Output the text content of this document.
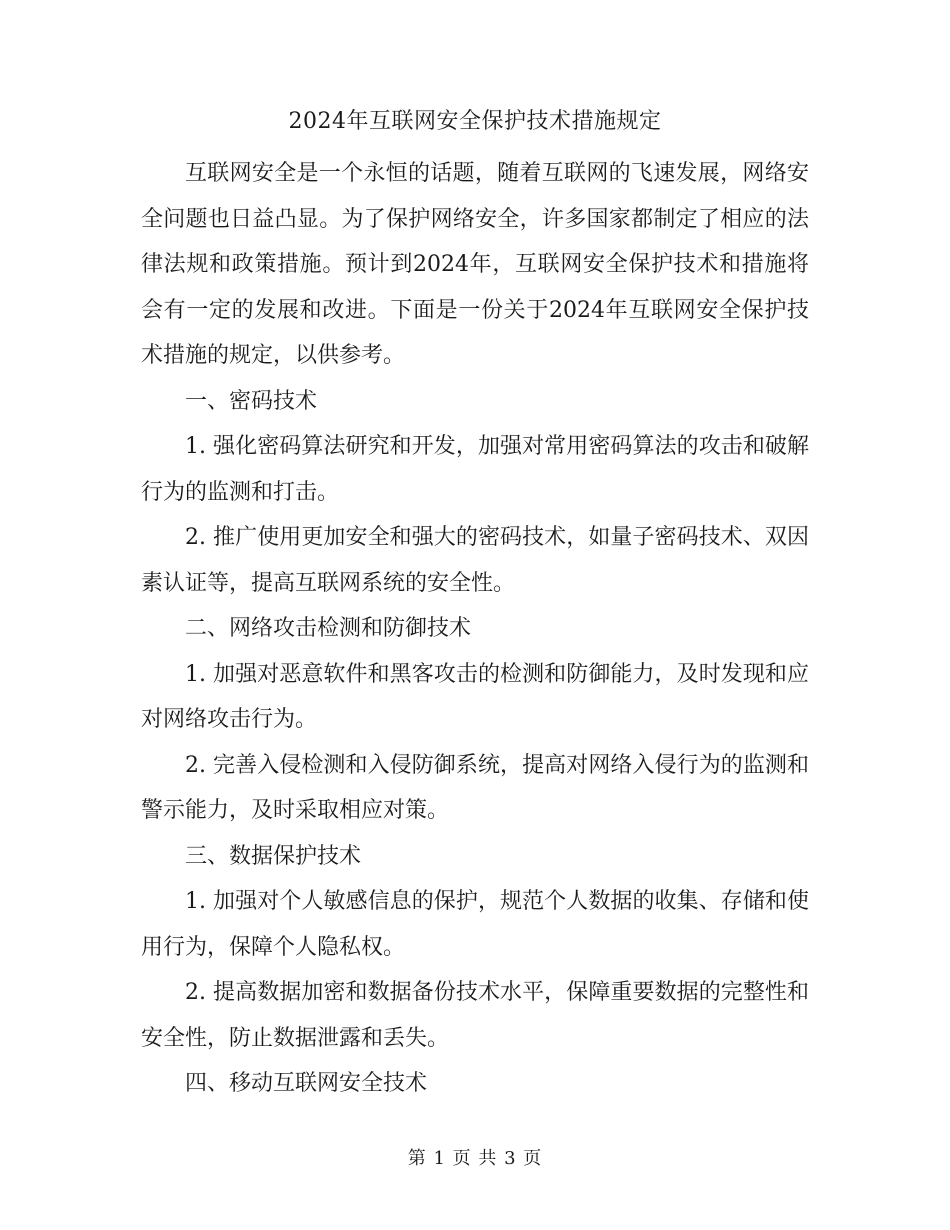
2024年互联网安全保护技术措施规定

互联网安全是一个永恒的话题，随着互联网的飞速发展，网络安全问题也日益凸显。为了保护网络安全，许多国家都制定了相应的法律法规和政策措施。预计到2024年，互联网安全保护技术和措施将会有一定的发展和改进。下面是一份关于2024年互联网安全保护技术措施的规定，以供参考。

一、密码技术

1. 强化密码算法研究和开发，加强对常用密码算法的攻击和破解行为的监测和打击。

2. 推广使用更加安全和强大的密码技术，如量子密码技术、双因素认证等，提高互联网系统的安全性。

二、网络攻击检测和防御技术

1. 加强对恶意软件和黑客攻击的检测和防御能力，及时发现和应对网络攻击行为。

2. 完善入侵检测和入侵防御系统，提高对网络入侵行为的监测和警示能力，及时采取相应对策。

三、数据保护技术

1. 加强对个人敏感信息的保护，规范个人数据的收集、存储和使用行为，保障个人隐私权。

2. 提高数据加密和数据备份技术水平，保障重要数据的完整性和安全性，防止数据泄露和丢失。

四、移动互联网安全技术

第 1 页 共 3 页
